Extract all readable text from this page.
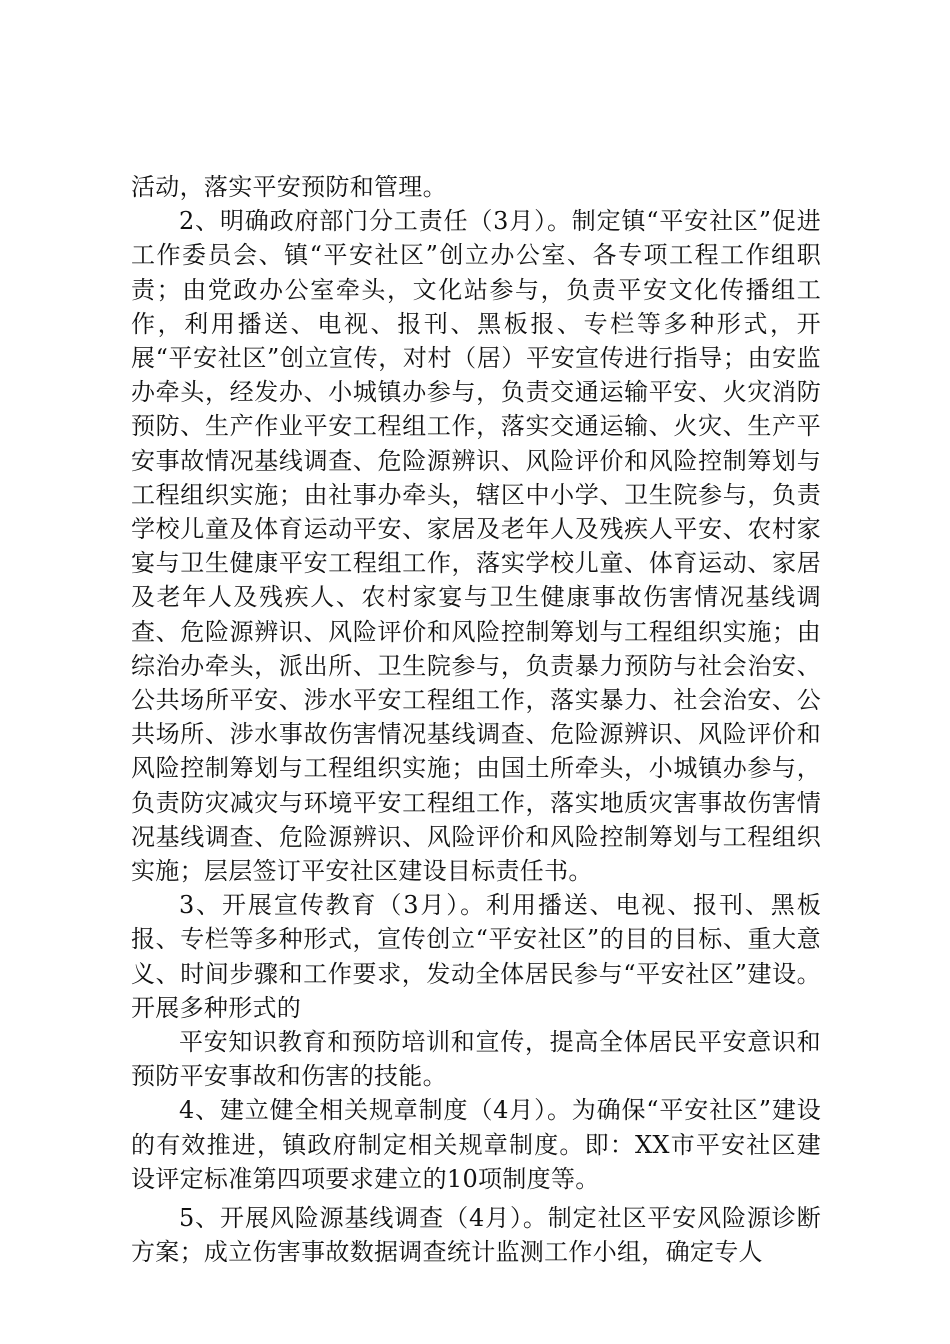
活动，落实平安预防和管理。

2、明确政府部门分工责任（3月）。制定镇“平安社区”促进工作委员会、镇“平安社区”创立办公室、各专项工程工作组职责；由党政办公室牵头，文化站参与，负责平安文化传播组工作，利用播送、电视、报刊、黑板报、专栏等多种形式，开展“平安社区”创立宣传，对村（居）平安宣传进行指导；由安监办牵头，经发办、小城镇办参与，负责交通运输平安、火灾消防预防、生产作业平安工程组工作，落实交通运输、火灾、生产平安事故情况基线调查、危险源辨识、风险评价和风险控制筹划与工程组织实施；由社事办牵头，辖区中小学、卫生院参与，负责学校儿童及体育运动平安、家居及老年人及残疾人平安、农村家宴与卫生健康平安工程组工作，落实学校儿童、体育运动、家居及老年人及残疾人、农村家宴与卫生健康事故伤害情况基线调查、危险源辨识、风险评价和风险控制筹划与工程组织实施；由综治办牵头，派出所、卫生院参与，负责暴力预防与社会治安、公共场所平安、涉水平安工程组工作，落实暴力、社会治安、公共场所、涉水事故伤害情况基线调查、危险源辨识、风险评价和风险控制筹划与工程组织实施；由国土所牵头，小城镇办参与，负责防灾减灾与环境平安工程组工作，落实地质灾害事故伤害情况基线调查、危险源辨识、风险评价和风险控制筹划与工程组织实施；层层签订平安社区建设目标责任书。

3、开展宣传教育（3月）。利用播送、电视、报刊、黑板报、专栏等多种形式，宣传创立“平安社区”的目的目标、重大意义、时间步骤和工作要求，发动全体居民参与“平安社区”建设。开展多种形式的

平安知识教育和预防培训和宣传，提高全体居民平安意识和预防平安事故和伤害的技能。

4、建立健全相关规章制度（4月）。为确保“平安社区”建设的有效推进，镇政府制定相关规章制度。即：XX市平安社区建设评定标准第四项要求建立的10项制度等。

5、开展风险源基线调查（4月）。制定社区平安风险源诊断方案；成立伤害事故数据调查统计监测工作小组，确定专人
